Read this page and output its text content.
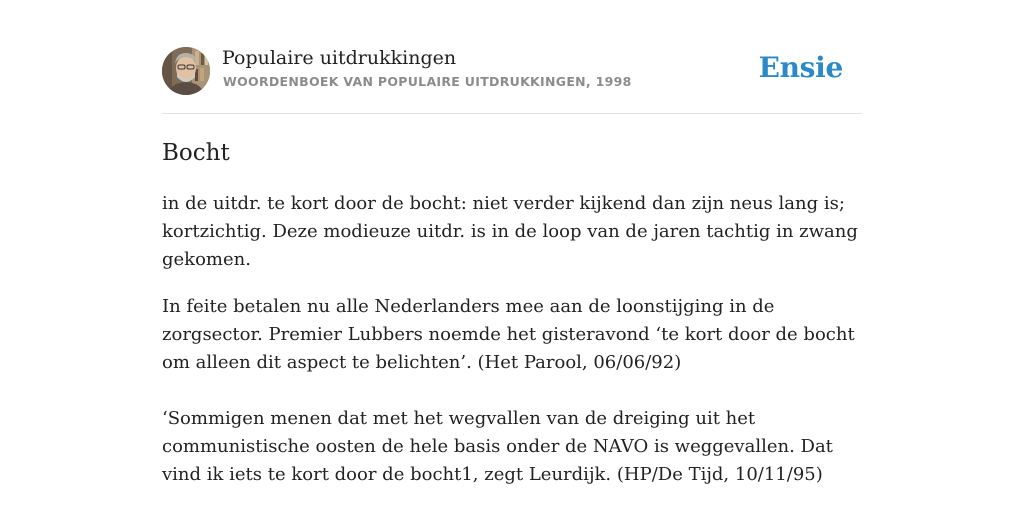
Populaire uitdrukkingen
WOORDENBOEK VAN POPULAIRE UITDRUKKINGEN, 1998	Ensie
Bocht

in de uitdr. te kort door de bocht: niet verder kijkend dan zijn neus lang is; kortzichtig. Deze modieuze uitdr. is in de loop van de jaren tachtig in zwang gekomen.

In feite betalen nu alle Nederlanders mee aan de loonstijging in de zorgsector. Premier Lubbers noemde het gisteravond ‘te kort door de bocht om alleen dit aspect te belichten’. (Het Parool, 06/06/92)

‘Sommigen menen dat met het wegvallen van de dreiging uit het communistische oosten de hele basis onder de NAVO is weggevallen. Dat vind ik iets te kort door de bocht1, zegt Leurdijk. (HP/De Tijd, 10/11/95)
